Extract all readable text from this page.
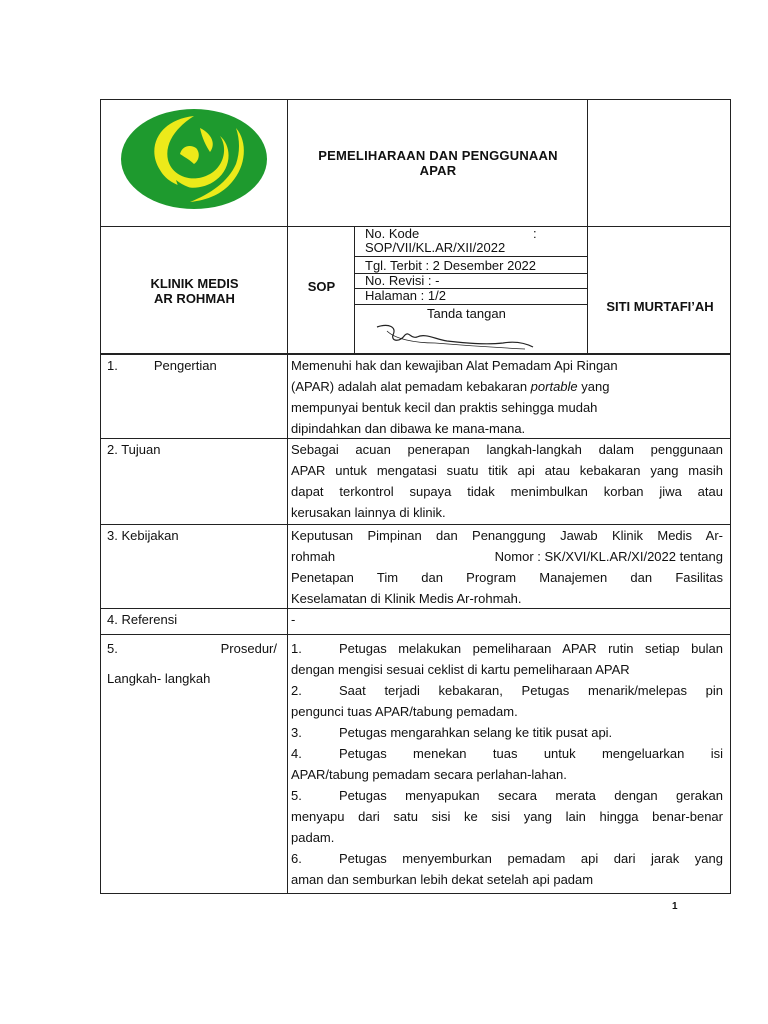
PEMELIHARAAN DAN PENGGUNAAN
APAR
KLINIK MEDIS
AR ROHMAH
SOP
No. Kode	:
SOP/VII/KL.AR/XII/2022
Tgl. Terbit : 2 Desember 2022
No. Revisi : -
Halaman : 1/2
Tanda tangan	SITI MURTAFI’AH
1.	Pengertian	Memenuhi hak dan kewajiban Alat Pemadam Api Ringan

(APAR) adalah alat pemadam kebakaran portable yang

mempunyai bentuk kecil dan praktis sehingga mudah

dipindahkan dan dibawa ke mana-mana.

2. Tujuan	Sebagai acuan penerapan langkah-langkah dalam penggunaan

APAR untuk mengatasi suatu titik api atau kebakaran yang masih

dapat terkontrol supaya tidak menimbulkan korban jiwa atau

kerusakan lainnya di klinik.

3. Kebijakan	Keputusan Pimpinan dan Penanggung Jawab Klinik Medis Ar-

rohmah	Nomor : SK/XVI/KL.AR/XI/2022 tentang

Penetapan Tim dan Program Manajemen dan Fasilitas

Keselamatan di Klinik Medis Ar-rohmah.

4. Referensi	-
5.	Prosedur/
Langkah- langkah

1.	Petugas melakukan pemeliharaan APAR rutin setiap bulan

dengan mengisi sesuai ceklist di kartu pemeliharaan APAR

2.	Saat terjadi kebakaran, Petugas menarik/melepas pin

pengunci tuas APAR/tabung pemadam.

3.	Petugas mengarahkan selang ke titik pusat api.

4.	Petugas menekan tuas untuk mengeluarkan isi

APAR/tabung pemadam secara perlahan-lahan.

5.	Petugas menyapukan secara merata dengan gerakan

menyapu dari satu sisi ke sisi yang lain hingga benar-benar

padam.

6.	Petugas menyemburkan pemadam api dari jarak yang

aman dan semburkan lebih dekat setelah api padam

1
